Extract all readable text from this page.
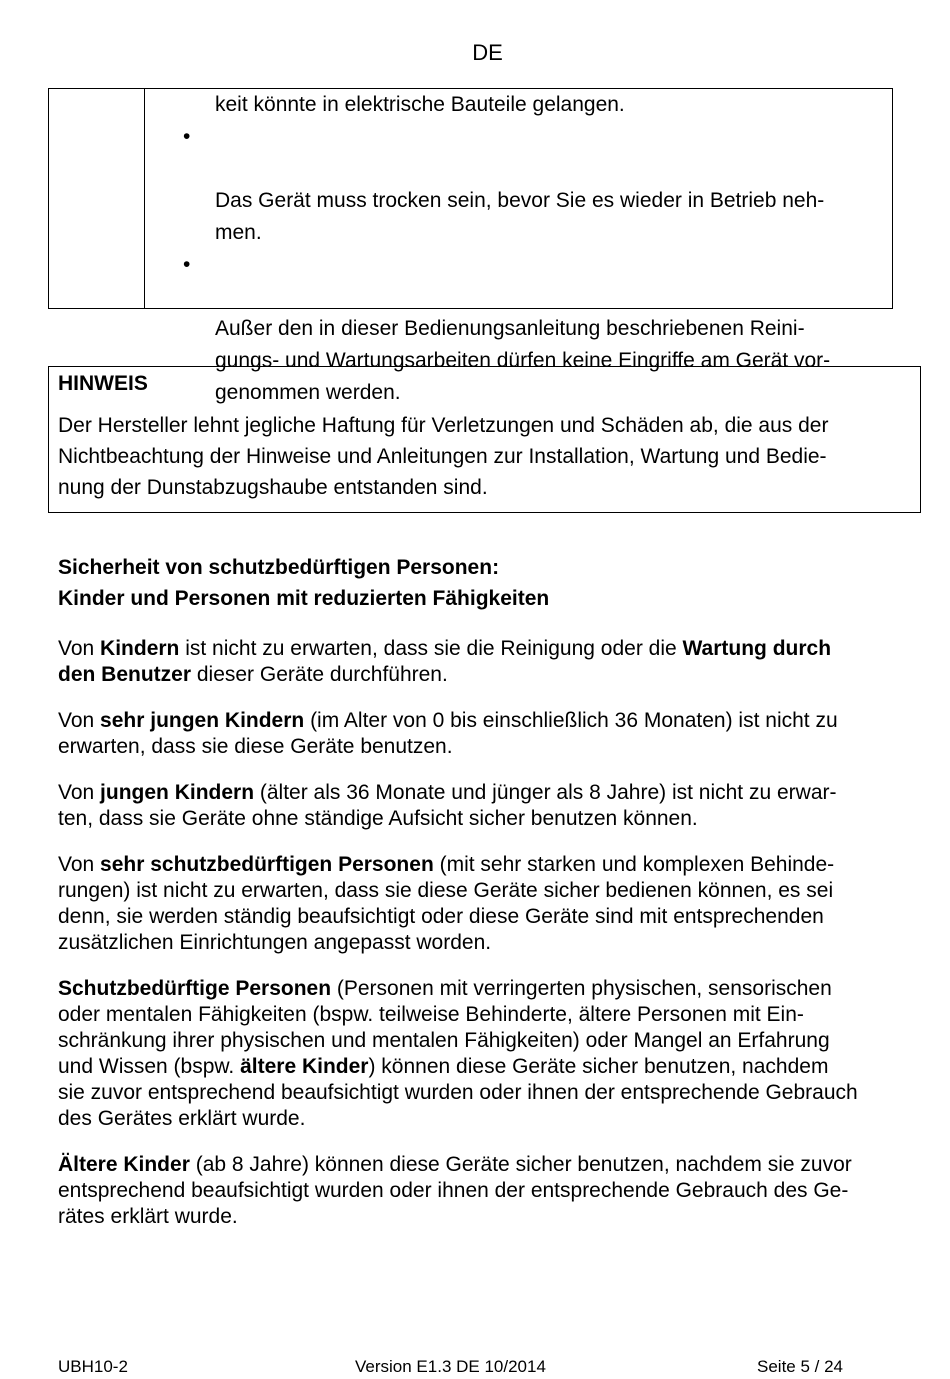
DE
keit könnte in elektrische Bauteile gelangen.

•

Das Gerät muss trocken sein, bevor Sie es wieder in Betrieb neh-
men.

•

Außer den in dieser Bedienungsanleitung beschriebenen Reini-
gungs- und Wartungsarbeiten dürfen keine Eingriffe am Gerät vor-
genommen werden.

HINWEIS
Der Hersteller lehnt jegliche Haftung für Verletzungen und Schäden ab, die aus der
Nichtbeachtung der Hinweise und Anleitungen zur Installation, Wartung und Bedie-
nung der Dunstabzugshaube entstanden sind.
Sicherheit von schutzbedürftigen Personen:
Kinder und Personen mit reduzierten Fähigkeiten

Von Kindern ist nicht zu erwarten, dass sie die Reinigung oder die Wartung durch
den Benutzer dieser Geräte durchführen.

Von sehr jungen Kindern (im Alter von 0 bis einschließlich 36 Monaten) ist nicht zu
erwarten, dass sie diese Geräte benutzen.

Von jungen Kindern (älter als 36 Monate und jünger als 8 Jahre) ist nicht zu erwar-
ten, dass sie Geräte ohne ständige Aufsicht sicher benutzen können.

Von sehr schutzbedürftigen Personen (mit sehr starken und komplexen Behinde-
rungen) ist nicht zu erwarten, dass sie diese Geräte sicher bedienen können, es sei
denn, sie werden ständig beaufsichtigt oder diese Geräte sind mit entsprechenden
zusätzlichen Einrichtungen angepasst worden.

Schutzbedürftige Personen (Personen mit verringerten physischen, sensorischen
oder mentalen Fähigkeiten (bspw. teilweise Behinderte, ältere Personen mit Ein-
schränkung ihrer physischen und mentalen Fähigkeiten) oder Mangel an Erfahrung
und Wissen (bspw. ältere Kinder) können diese Geräte sicher benutzen, nachdem
sie zuvor entsprechend beaufsichtigt wurden oder ihnen der entsprechende Gebrauch
des Gerätes erklärt wurde.

Ältere Kinder (ab 8 Jahre) können diese Geräte sicher benutzen, nachdem sie zuvor
entsprechend beaufsichtigt wurden oder ihnen der entsprechende Gebrauch des Ge-
rätes erklärt wurde.

UBH10-2	Version E1.3 DE 10/2014	Seite 5 / 24
